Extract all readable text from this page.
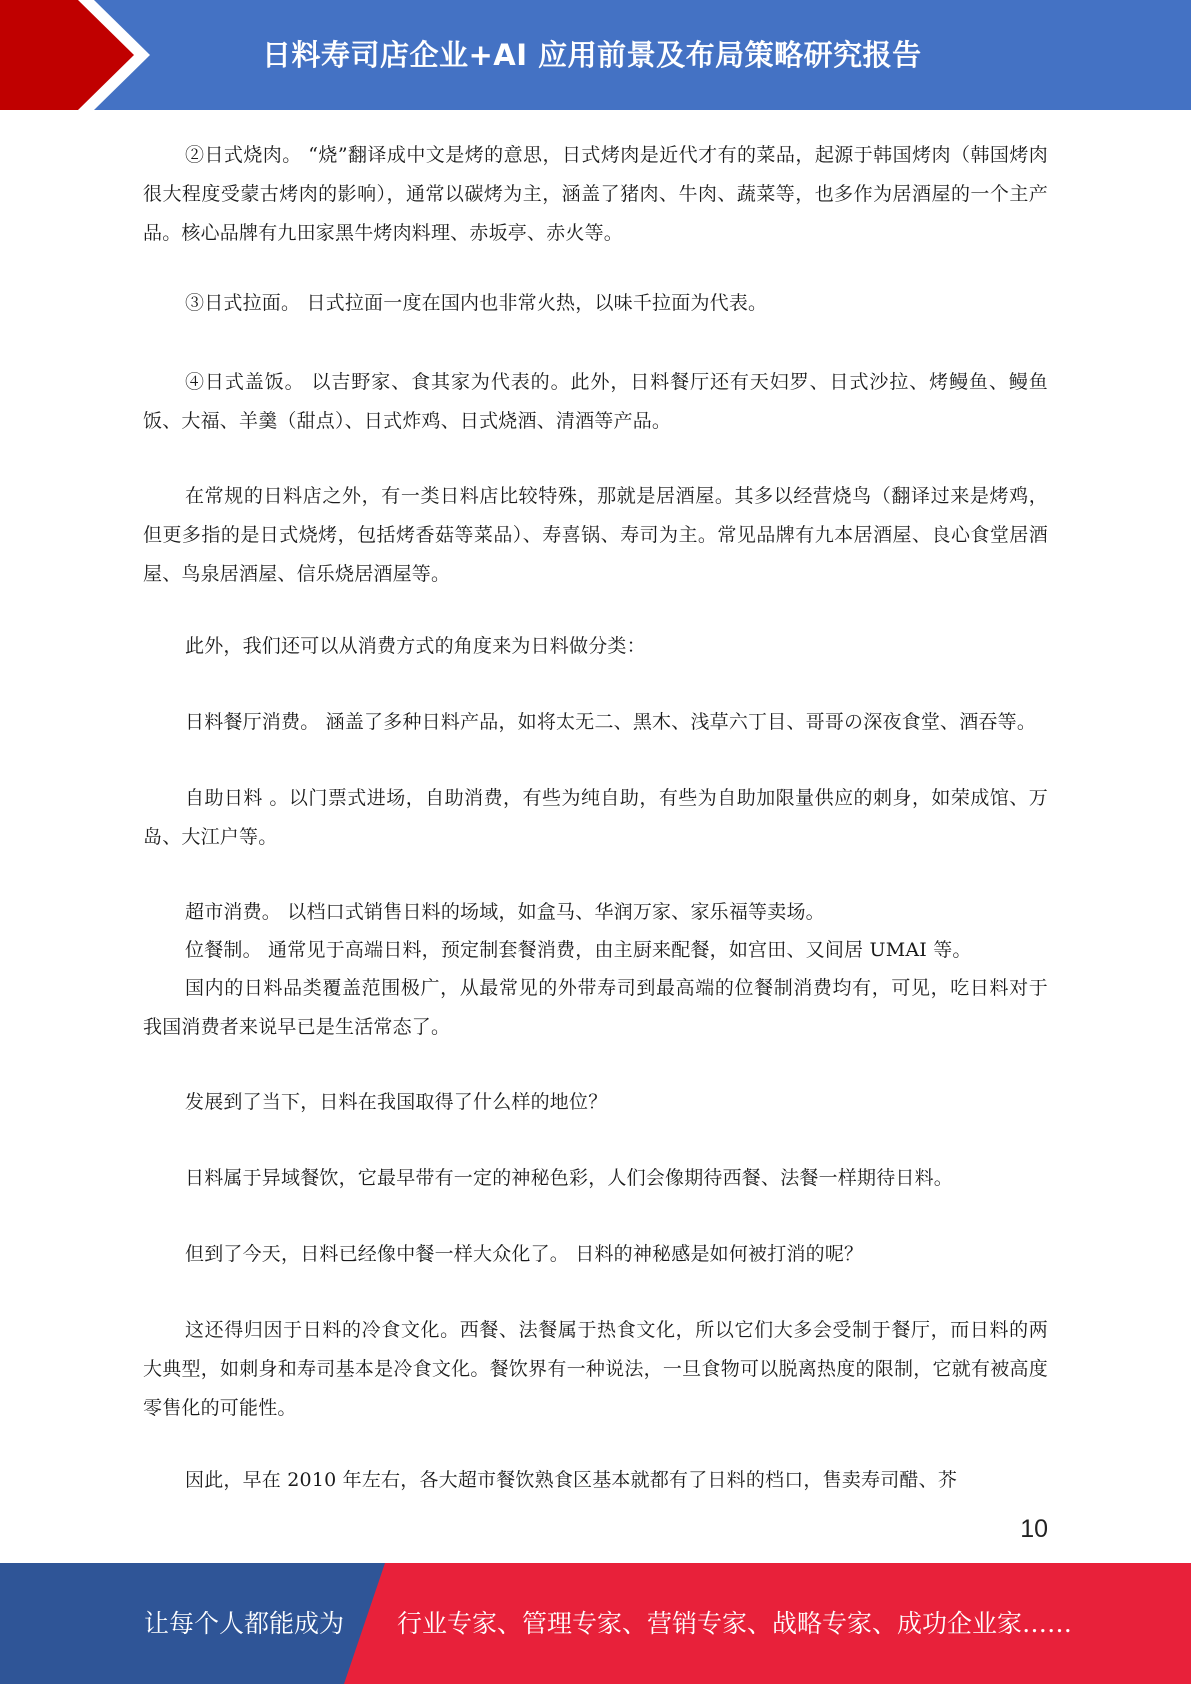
日料寿司店企业+AI 应用前景及布局策略研究报告

②日式烧肉。 “烧”翻译成中文是烤的意思，日式烤肉是近代才有的菜品，起源于韩国烤肉（韩国烤肉很大程度受蒙古烤肉的影响），通常以碳烤为主，涵盖了猪肉、牛肉、蔬菜等，也多作为居酒屋的一个主产品。核心品牌有九田家黑牛烤肉料理、赤坂亭、赤火等。

③日式拉面。 日式拉面一度在国内也非常火热，以味千拉面为代表。

④日式盖饭。 以吉野家、食其家为代表的。此外，日料餐厅还有天妇罗、日式沙拉、烤鳗鱼、鳗鱼饭、大福、羊羹（甜点）、日式炸鸡、日式烧酒、清酒等产品。

在常规的日料店之外，有一类日料店比较特殊，那就是居酒屋。其多以经营烧鸟（翻译过来是烤鸡，但更多指的是日式烧烤，包括烤香菇等菜品）、寿喜锅、寿司为主。常见品牌有九本居酒屋、良心食堂居酒屋、鸟泉居酒屋、信乐烧居酒屋等。

此外，我们还可以从消费方式的角度来为日料做分类：

日料餐厅消费。 涵盖了多种日料产品，如将太无二、黑木、浅草六丁目、哥哥の深夜食堂、酒吞等。

自助日料 。以门票式进场，自助消费，有些为纯自助，有些为自助加限量供应的刺身，如荣成馆、万岛、大江户等。

超市消费。 以档口式销售日料的场域，如盒马、华润万家、家乐福等卖场。

位餐制。 通常见于高端日料，预定制套餐消费，由主厨来配餐，如宫田、又间居 UMAI 等。

国内的日料品类覆盖范围极广，从最常见的外带寿司到最高端的位餐制消费均有，可见，吃日料对于我国消费者来说早已是生活常态了。

发展到了当下，日料在我国取得了什么样的地位？

日料属于异域餐饮，它最早带有一定的神秘色彩，人们会像期待西餐、法餐一样期待日料。

但到了今天，日料已经像中餐一样大众化了。 日料的神秘感是如何被打消的呢？

这还得归因于日料的冷食文化。西餐、法餐属于热食文化，所以它们大多会受制于餐厅，而日料的两大典型，如刺身和寿司基本是冷食文化。餐饮界有一种说法，一旦食物可以脱离热度的限制，它就有被高度零售化的可能性。

因此，早在 2010 年左右，各大超市餐饮熟食区基本就都有了日料的档口，售卖寿司醋、芥

10
让每个人都能成为 行业专家、管理专家、营销专家、战略专家、成功企业家……
